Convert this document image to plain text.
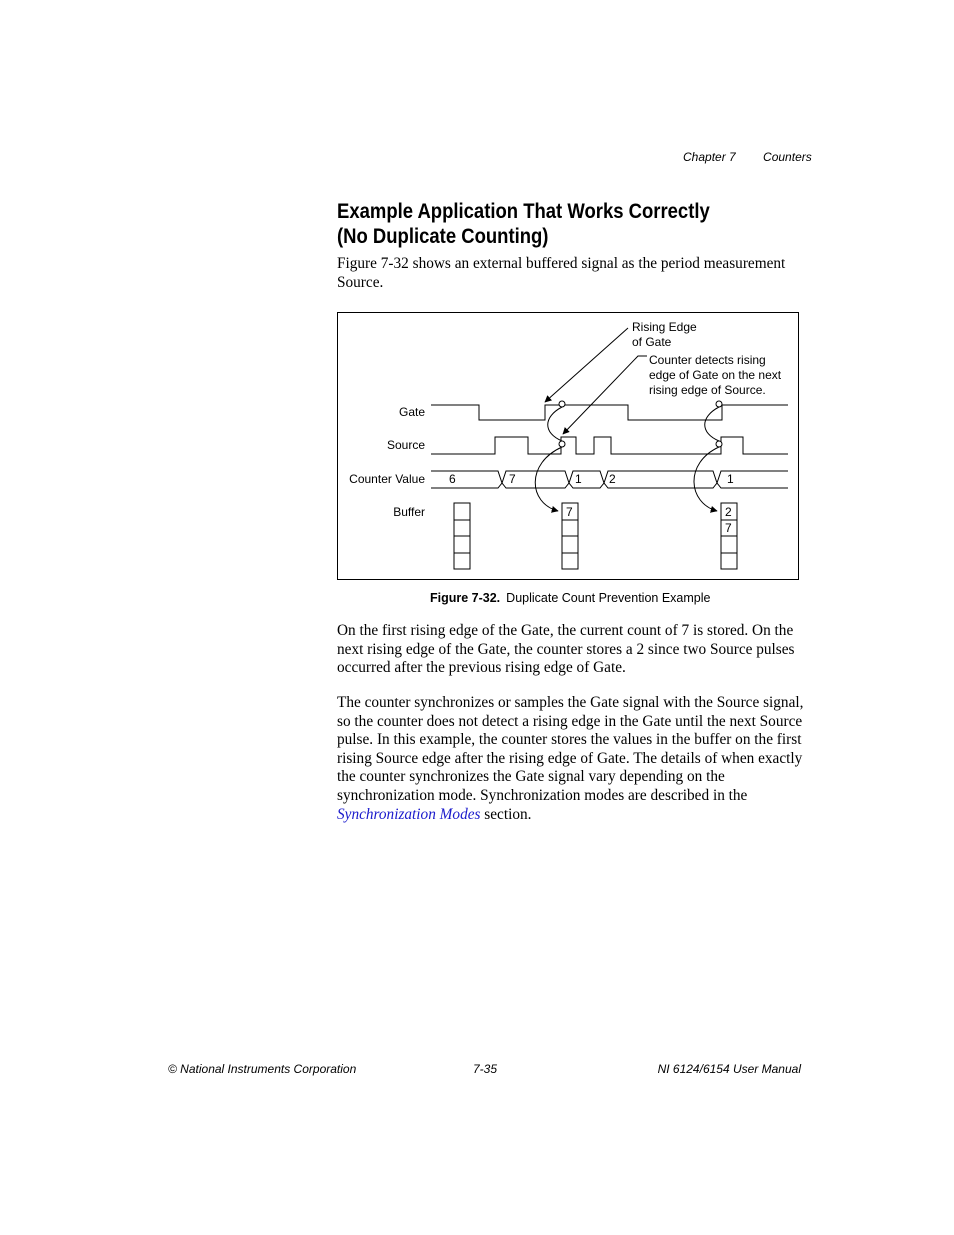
Chapter 7 Counters
Example Application That Works Correctly
(No Duplicate Counting)

Figure 7-32 shows an external buffered signal as the period measurement Source.

Gate
Source
Counter Value
Buffer
Rising Edge
of Gate
Counter detects rising
edge of Gate on the next
rising edge of Source.
6	7	1 2	1
7	2
7
Figure 7-32. Duplicate Count Prevention Example

On the first rising edge of the Gate, the current count of 7 is stored. On the next rising edge of the Gate, the counter stores a 2 since two Source pulses occurred after the previous rising edge of Gate.

The counter synchronizes or samples the Gate signal with the Source signal, so the counter does not detect a rising edge in the Gate until the next Source pulse. In this example, the counter stores the values in the buffer on the first rising Source edge after the rising edge of Gate. The details of when exactly the counter synchronizes the Gate signal vary depending on the synchronization mode. Synchronization modes are described in the Synchronization Modes section.

© National Instruments Corporation	7-35	NI 6124/6154 User Manual
